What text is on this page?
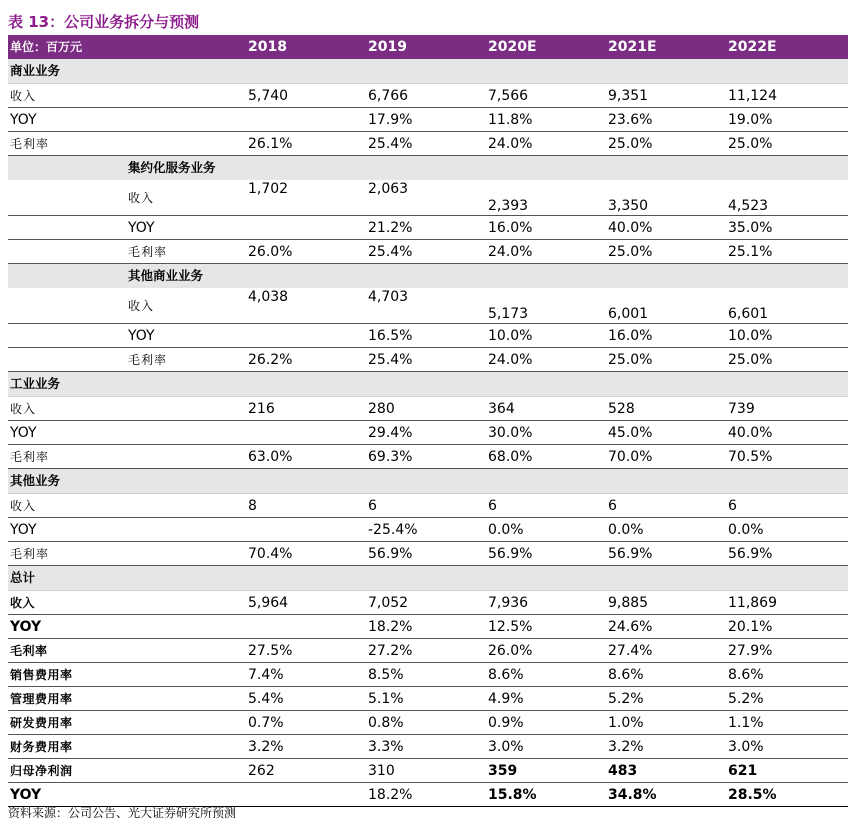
表 13：公司业务拆分与预测
单位：百万元	2018	2019	2020E	2021E	2022E
商业业务					
收入	5,740	6,766	7,566	9,351	11,124
YOY		17.9%	11.8%	23.6%	19.0%
毛利率	26.1%	25.4%	24.0%	25.0%	25.0%
集约化服务业务					
收入	1,702	2,063	2,393	3,350	4,523
YOY		21.2%	16.0%	40.0%	35.0%
毛利率	26.0%	25.4%	24.0%	25.0%	25.1%
其他商业业务					
收入	4,038	4,703	5,173	6,001	6,601
YOY		16.5%	10.0%	16.0%	10.0%
毛利率	26.2%	25.4%	24.0%	25.0%	25.0%
工业业务					
收入	216	280	364	528	739
YOY		29.4%	30.0%	45.0%	40.0%
毛利率	63.0%	69.3%	68.0%	70.0%	70.5%
其他业务					
收入	8	6	6	6	6
YOY		-25.4%	0.0%	0.0%	0.0%
毛利率	70.4%	56.9%	56.9%	56.9%	56.9%
总计					
收入	5,964	7,052	7,936	9,885	11,869
YOY		18.2%	12.5%	24.6%	20.1%
毛利率	27.5%	27.2%	26.0%	27.4%	27.9%
销售费用率	7.4%	8.5%	8.6%	8.6%	8.6%
管理费用率	5.4%	5.1%	4.9%	5.2%	5.2%
研发费用率	0.7%	0.8%	0.9%	1.0%	1.1%
财务费用率	3.2%	3.3%	3.0%	3.2%	3.0%
归母净利润	262	310	359	483	621
YOY		18.2%	15.8%	34.8%	28.5%
资料来源：公司公告、光大证券研究所预测
